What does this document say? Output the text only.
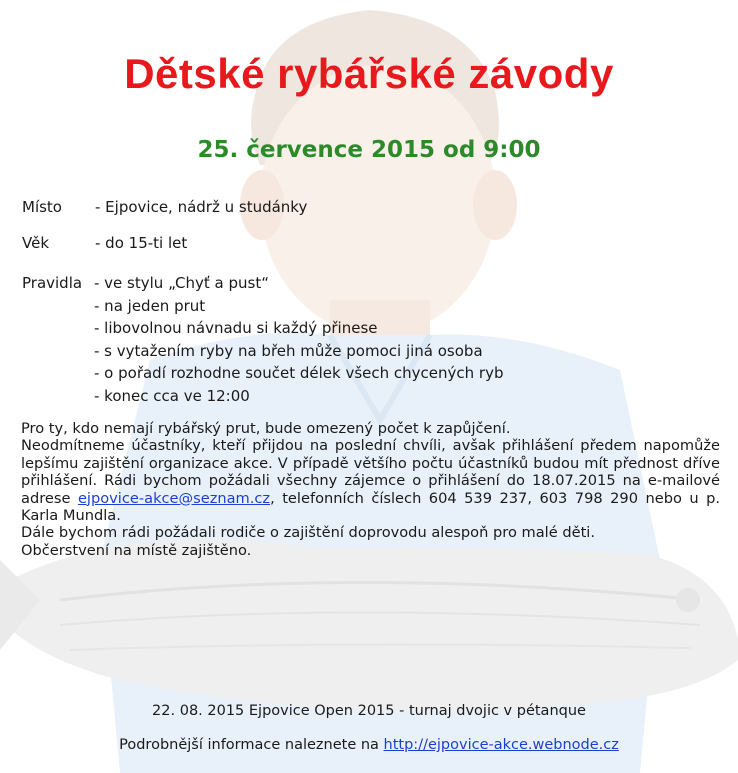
Dětské rybářské závody
25. července 2015 od 9:00
Místo - Ejpovice, nádrž u studánky
Věk	- do 15-ti let
Pravidla - ve stylu „Chyť a pust“
- na jeden prut
- libovolnou návnadu si každý přinese
- s vytažením ryby na břeh může pomoci jiná osoba
- o pořadí rozhodne součet délek všech chycených ryb
- konec cca ve 12:00

Pro ty, kdo nemají rybářský prut, bude omezený počet k zapůjčení.

Neodmítneme účastníky, kteří přijdou na poslední chvíli, avšak přihlášení předem napomůže lepšímu zajištění organizace akce. V případě většího počtu účastníků budou mít přednost dříve přihlášení. Rádi bychom požádali všechny zájemce o přihlášení do 18.07.2015 na e-mailové adrese ejpovice-akce@seznam.cz, telefonních číslech 604 539 237, 603 798 290 nebo u p. Karla Mundla.

Dále bychom rádi požádali rodiče o zajištění doprovodu alespoň pro malé děti.

Občerstvení na místě zajištěno.

22. 08. 2015 Ejpovice Open 2015 - turnaj dvojic v pétanque
Podrobnější informace naleznete na http://ejpovice-akce.webnode.cz
